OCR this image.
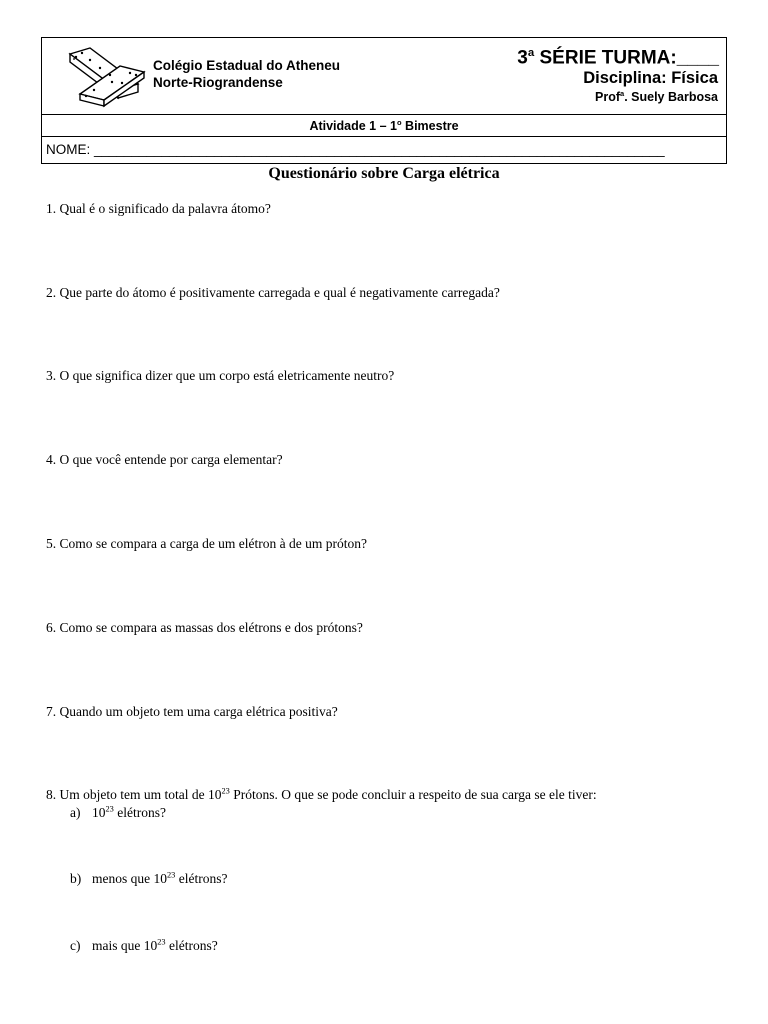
Colégio Estadual do Atheneu
Norte-Riograndense
3$^a$ SÉRIE TURMA:____
Disciplina: Física
Prof$^a$. Suely Barbosa
Atividade 1 – 1$^o$ Bimestre
NOME: ____________________________________________________________________________
Questionário sobre Carga elétrica
1. Qual é o significado da palavra átomo?
2. Que parte do átomo é positivamente carregada e qual é negativamente carregada?
3. O que significa dizer que um corpo está eletricamente neutro?
4. O que você entende por carga elementar?
5. Como se compara a carga de um elétron à de um próton?
6. Como se compara as massas dos elétrons e dos prótons?
7. Quando um objeto tem uma carga elétrica positiva?
8. Um objeto tem um total de $10^{23}$ Prótons. O que se pode concluir a respeito de sua carga se ele tiver:
a) $10^{23}$ elétrons?
b) menos que $10^{23}$ elétrons?
c) mais que $10^{23}$ elétrons?
